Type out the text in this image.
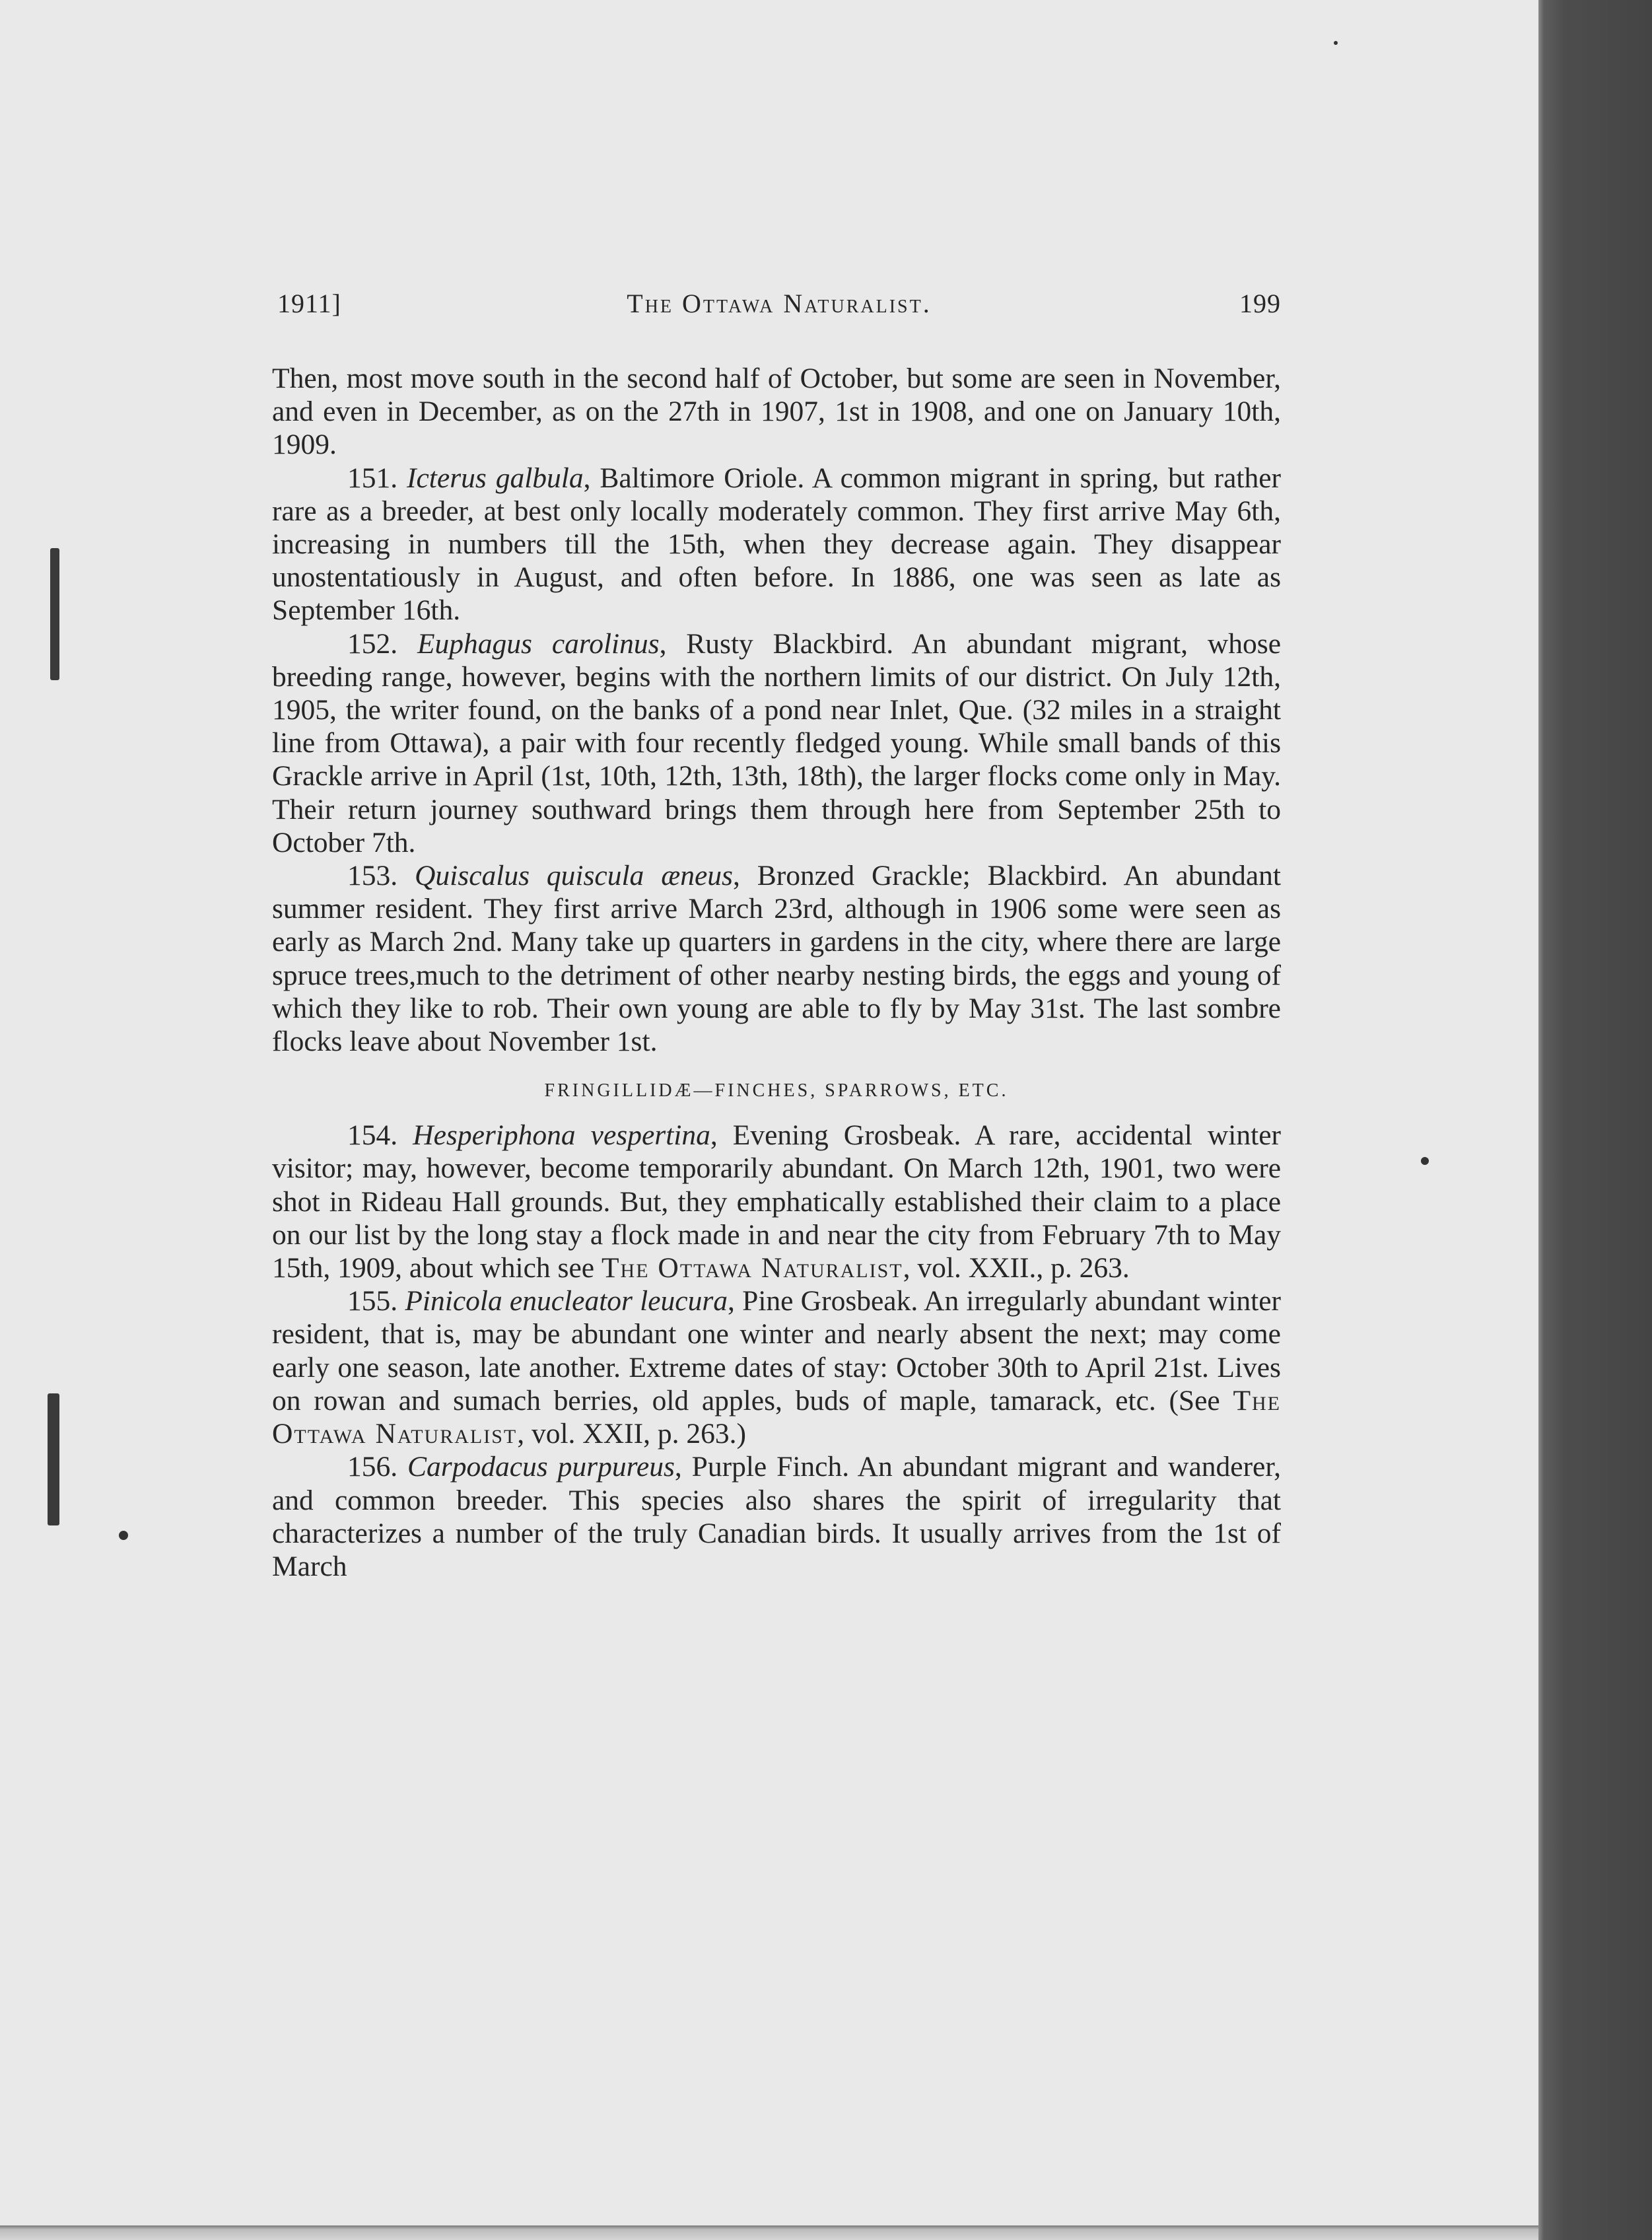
1911]	The Ottawa Naturalist.	199

Then, most move south in the second half of October, but some are seen in November, and even in December, as on the 27th in 1907, 1st in 1908, and one on January 10th, 1909.

151. Icterus galbula, Baltimore Oriole. A common migrant in spring, but rather rare as a breeder, at best only locally moderately common. They first arrive May 6th, increasing in numbers till the 15th, when they decrease again. They disappear unostentatiously in August, and often before. In 1886, one was seen as late as September 16th.

152. Euphagus carolinus, Rusty Blackbird. An abundant migrant, whose breeding range, however, begins with the northern limits of our district. On July 12th, 1905, the writer found, on the banks of a pond near Inlet, Que. (32 miles in a straight line from Ottawa), a pair with four recently fledged young. While small bands of this Grackle arrive in April (1st, 10th, 12th, 13th, 18th), the larger flocks come only in May. Their return journey southward brings them through here from September 25th to October 7th.

153. Quiscalus quiscula æneus, Bronzed Grackle; Blackbird. An abundant summer resident. They first arrive March 23rd, although in 1906 some were seen as early as March 2nd. Many take up quarters in gardens in the city, where there are large spruce trees,much to the detriment of other nearby nesting birds, the eggs and young of which they like to rob. Their own young are able to fly by May 31st. The last sombre flocks leave about November 1st.

FRINGILLIDÆ—FINCHES, SPARROWS, ETC.

154. Hesperiphona vespertina, Evening Grosbeak. A rare, accidental winter visitor; may, however, become temporarily abundant. On March 12th, 1901, two were shot in Rideau Hall grounds. But, they emphatically established their claim to a place on our list by the long stay a flock made in and near the city from February 7th to May 15th, 1909, about which see The Ottawa Naturalist, vol. XXII., p. 263.

155. Pinicola enucleator leucura, Pine Grosbeak. An irregularly abundant winter resident, that is, may be abundant one winter and nearly absent the next; may come early one season, late another. Extreme dates of stay: October 30th to April 21st. Lives on rowan and sumach berries, old apples, buds of maple, tamarack, etc. (See The Ottawa Naturalist, vol. XXII, p. 263.)

156. Carpodacus purpureus, Purple Finch. An abundant migrant and wanderer, and common breeder. This species also shares the spirit of irregularity that characterizes a number of the truly Canadian birds. It usually arrives from the 1st of March
